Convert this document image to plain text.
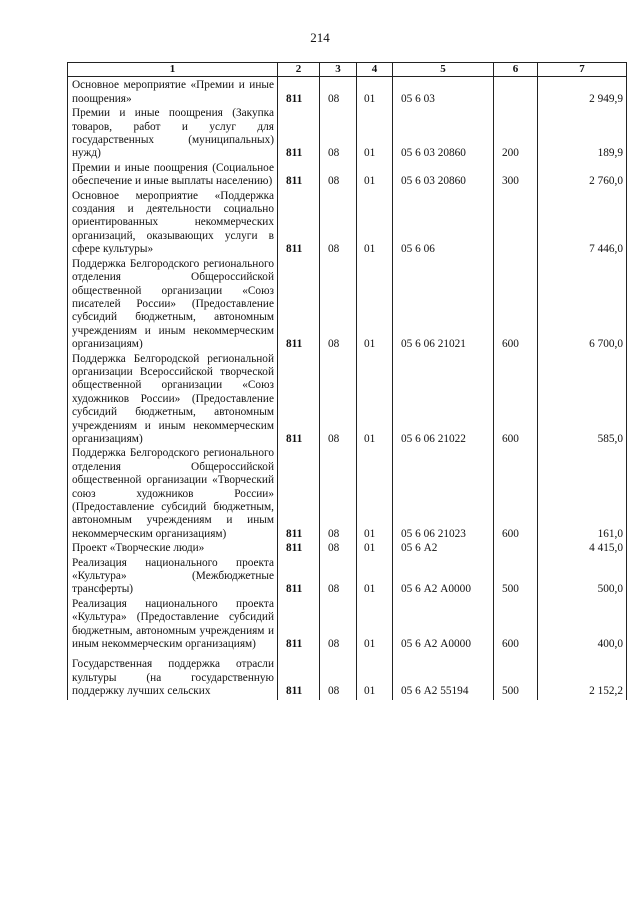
214
1	2	3	4	5	6	7
Основное мероприятие «Премии и иные поощрения»	811	08	01	05 6 03		2 949,9
Премии и иные поощрения (Закупка товаров, работ и услуг для государственных (муниципальных) нужд)	811	08	01	05 6 03 20860	200	189,9
Премии и иные поощрения (Социальное обеспечение и иные выплаты населению)	811	08	01	05 6 03 20860	300	2 760,0
Основное мероприятие «Поддержка создания и деятельности социально ориентированных некоммерческих организаций, оказывающих услуги в сфере культуры»	811	08	01	05 6 06		7 446,0
Поддержка Белгородского регионального отделения Общероссийской общественной организации «Союз писателей России» (Предоставление субсидий бюджетным, автономным учреждениям и иным некоммерческим организациям)	811	08	01	05 6 06 21021	600	6 700,0
Поддержка Белгородской региональной организации Всероссийской творческой общественной организации «Союз художников России» (Предоставление субсидий бюджетным, автономным учреждениям и иным некоммерческим организациям)	811	08	01	05 6 06 21022	600	585,0
Поддержка Белгородского регионального отделения Общероссийской общественной организации «Творческий союз художников России» (Предоставление субсидий бюджетным, автономным учреждениям и иным некоммерческим организациям)	811	08	01	05 6 06 21023	600	161,0
Проект «Творческие люди»	811	08	01	05 6 А2		4 415,0
Реализация национального проекта «Культура» (Межбюджетные трансферты)	811	08	01	05 6 А2 А0000	500	500,0
Реализация национального проекта «Культура» (Предоставление субсидий бюджетным, автономным учреждениям и иным некоммерческим организациям)	811	08	01	05 6 А2 А0000	600	400,0

Государственная поддержка отрасли культуры (на государственную поддержку лучших сельских	811	08	01	05 6 А2 55194	500	2 152,2
